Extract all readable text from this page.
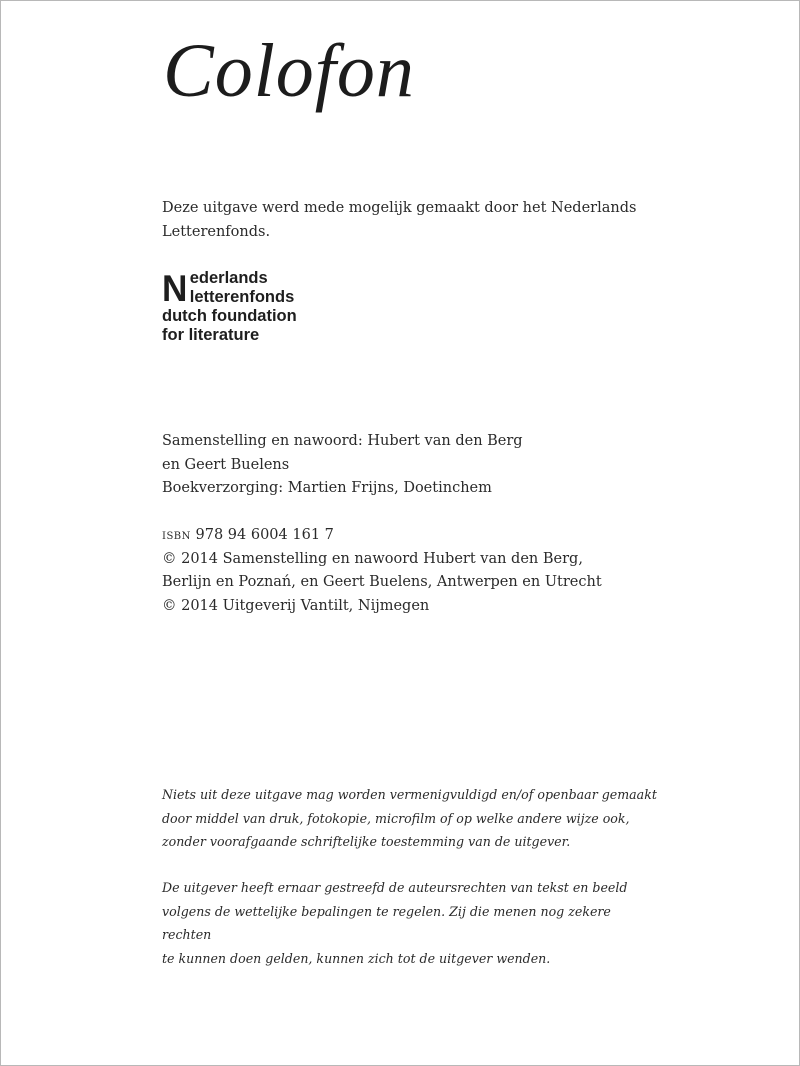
Colofon

Deze uitgave werd mede mogelijk gemaakt door het Nederlands

Letterenfonds.

N ederlands
letterenfonds
dutch foundation
for literature

Samenstelling en nawoord: Hubert van den Berg

en Geert Buelens

Boekverzorging: Martien Frijns, Doetinchem

isbn 978 94 6004 161 7

© 2014 Samenstelling en nawoord Hubert van den Berg,

Berlijn en Poznań, en Geert Buelens, Antwerpen en Utrecht

© 2014 Uitgeverij Vantilt, Nijmegen

Niets uit deze uitgave mag worden vermenigvuldigd en/of openbaar gemaakt

door middel van druk, fotokopie, microfilm of op welke andere wijze ook,

zonder voorafgaande schriftelijke toestemming van de uitgever.

De uitgever heeft ernaar gestreefd de auteursrechten van tekst en beeld

volgens de wettelijke bepalingen te regelen. Zij die menen nog zekere rechten

te kunnen doen gelden, kunnen zich tot de uitgever wenden.
